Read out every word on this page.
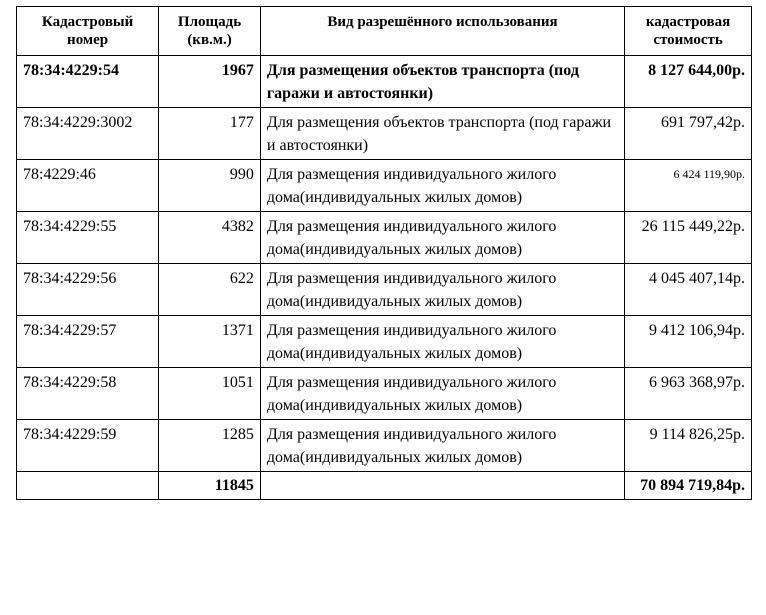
Кадастровый номер	Площадь (кв.м.)	Вид разрешённого использования	кадастровая стоимость
78:34:4229:54	1967	Для размещения объектов транспорта (под гаражи и автостоянки)	8 127 644,00р.
78:34:4229:3002	177	Для размещения объектов транспорта (под гаражи и автостоянки)	691 797,42р.
78:4229:46	990	Для размещения индивидуального жилого дома(индивидуальных жилых домов)	6 424 119,90р.
78:34:4229:55	4382	Для размещения индивидуального жилого дома(индивидуальных жилых домов)	26 115 449,22р.
78:34:4229:56	622	Для размещения индивидуального жилого дома(индивидуальных жилых домов)	4 045 407,14р.
78:34:4229:57	1371	Для размещения индивидуального жилого дома(индивидуальных жилых домов)	9 412 106,94р.
78:34:4229:58	1051	Для размещения индивидуального жилого дома(индивидуальных жилых домов)	6 963 368,97р.
78:34:4229:59	1285	Для размещения индивидуального жилого дома(индивидуальных жилых домов)	9 114 826,25р.
	11845		70 894 719,84р.
